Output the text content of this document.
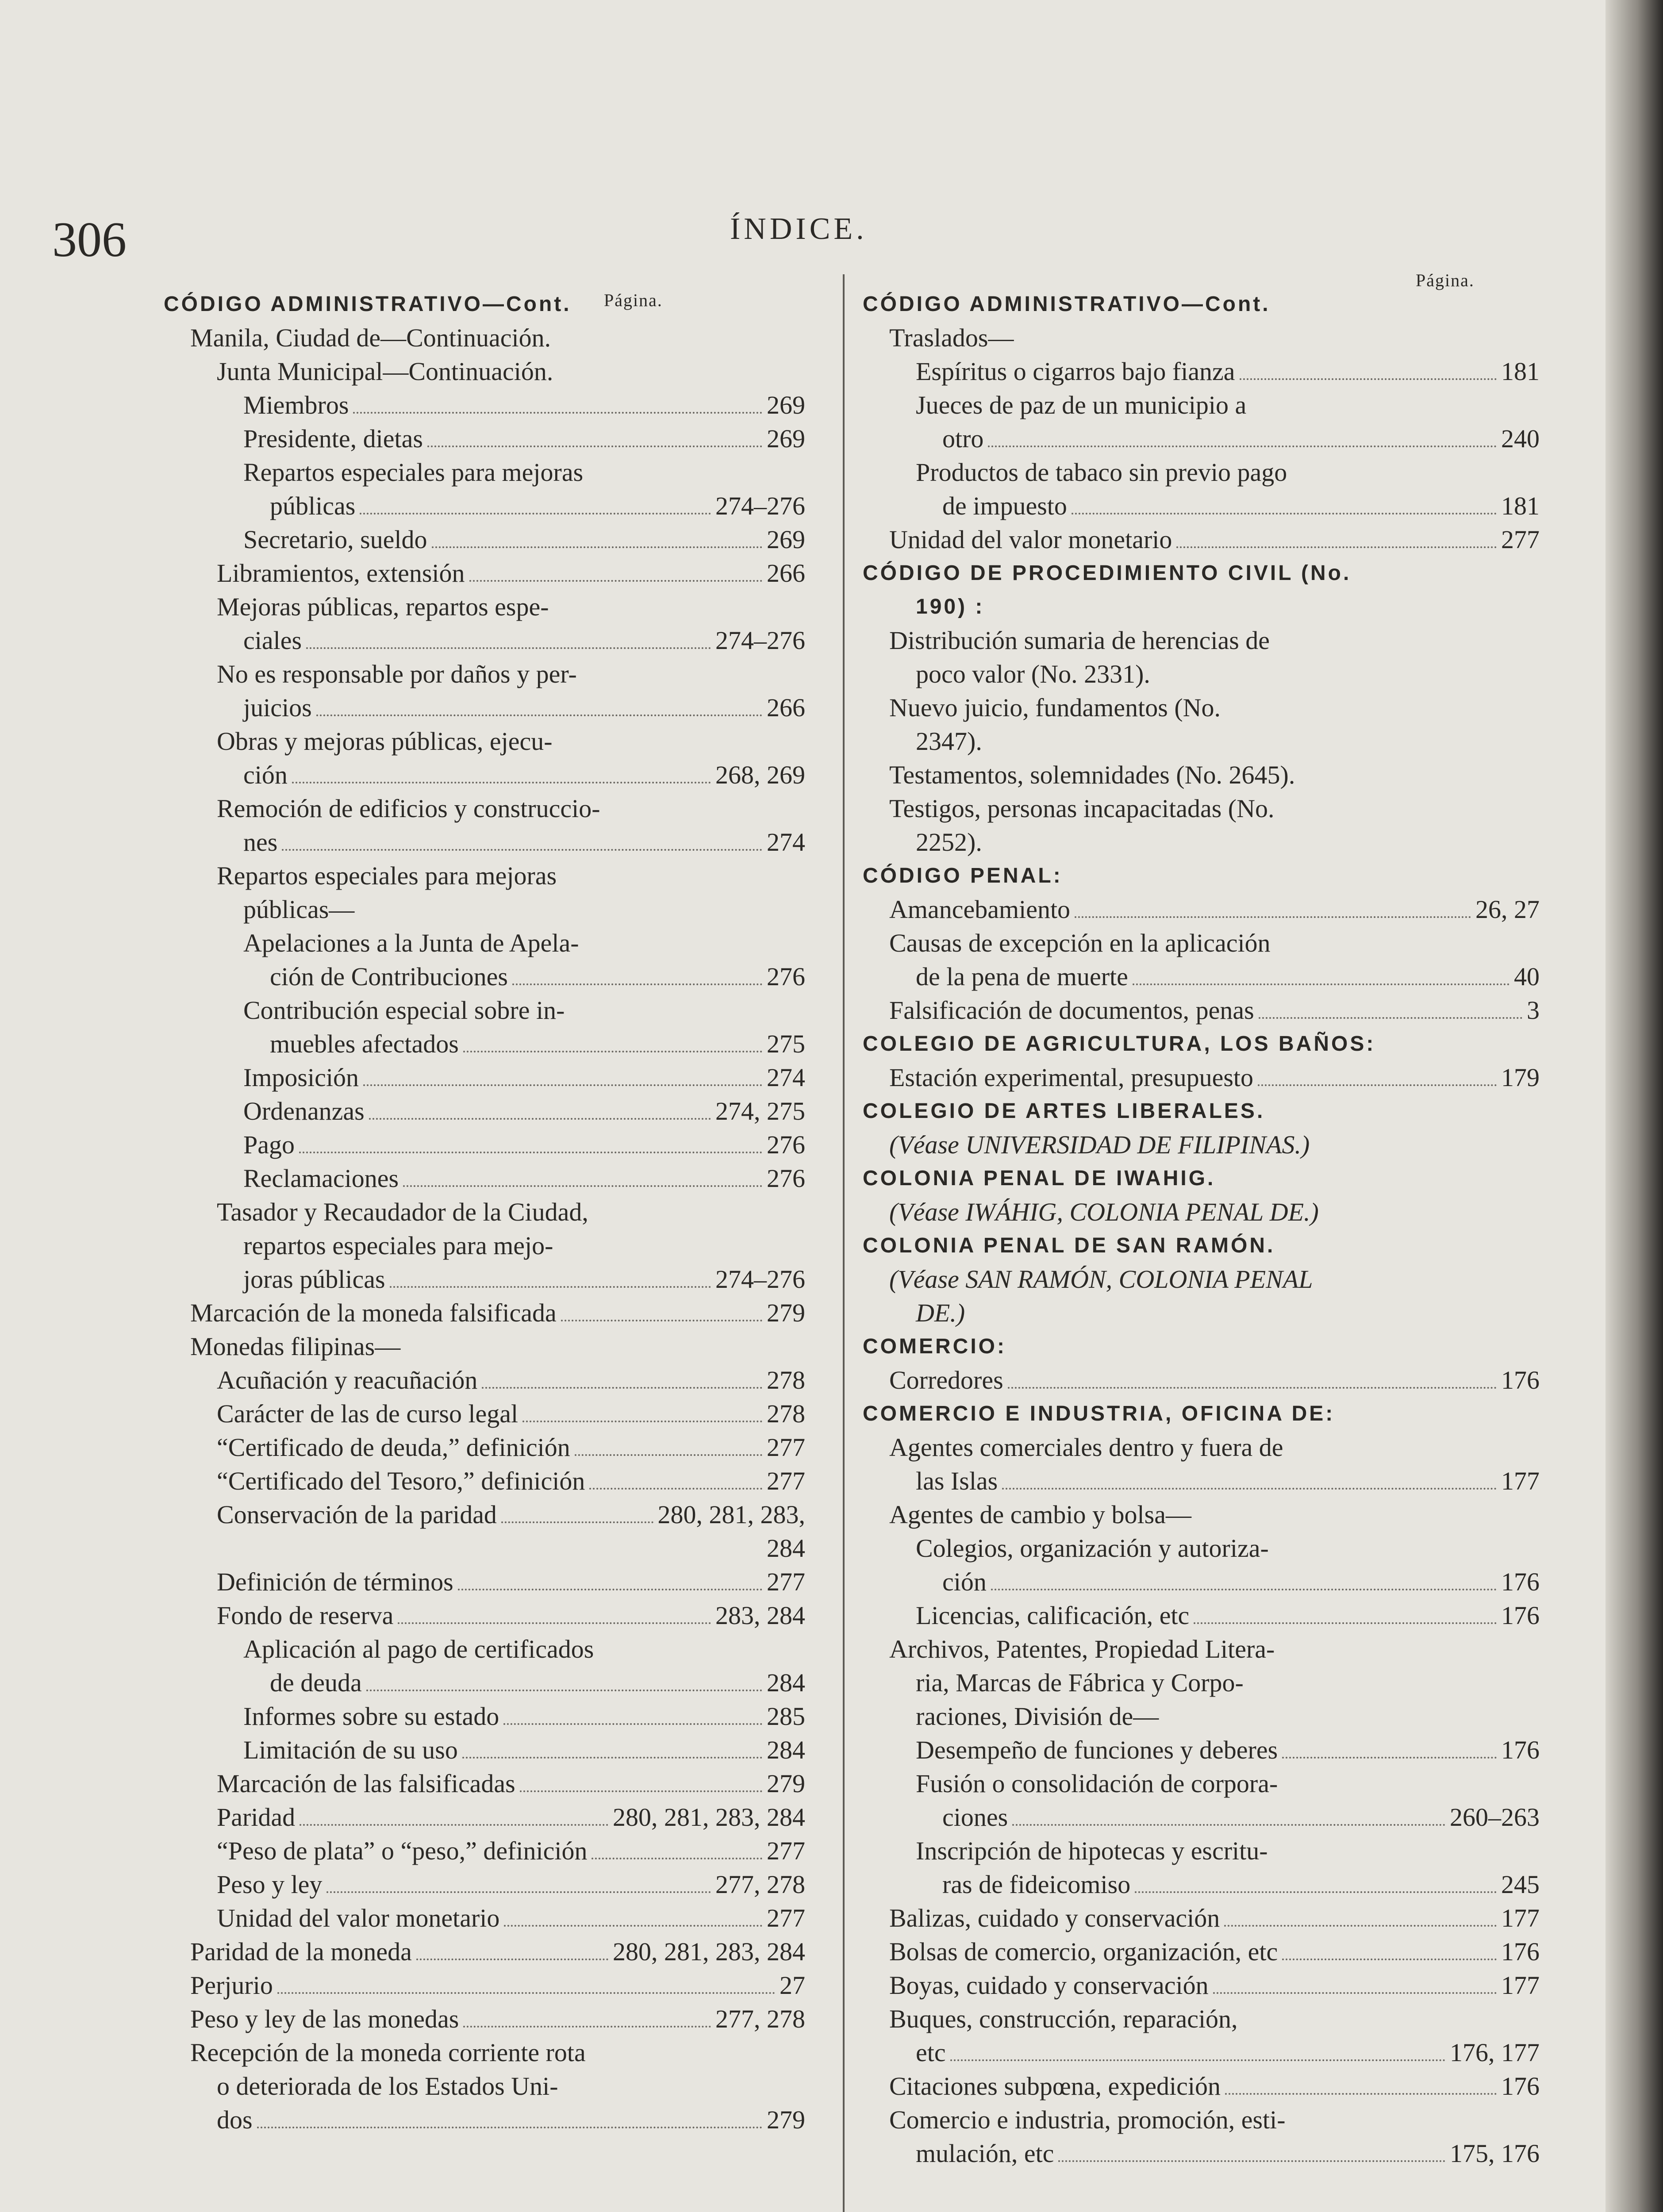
306	ÍNDICE.
Página.
Página.
CÓDIGO ADMINISTRATIVO—Cont.
Manila, Ciudad de—Continuación.
Junta Municipal—Continuación.
Miembros	269
Presidente, dietas	269
Repartos especiales para mejoras
públicas	274–276
Secretario, sueldo	269
Libramientos, extensión	266
Mejoras públicas, repartos espe-
ciales	274–276
No es responsable por daños y per-
juicios	266
Obras y mejoras públicas, ejecu-
ción	268, 269
Remoción de edificios y construccio-
nes	274
Repartos especiales para mejoras
públicas—
Apelaciones a la Junta de Apela-
ción de Contribuciones	276
Contribución especial sobre in-
muebles afectados	275
Imposición	274
Ordenanzas	274, 275
Pago	276
Reclamaciones	276
Tasador y Recaudador de la Ciudad,
repartos especiales para mejo-
joras públicas	274–276
Marcación de la moneda falsificada	279
Monedas filipinas—
Acuñación y reacuñación	278
Carácter de las de curso legal	278
“Certificado de deuda,” definición	277
“Certificado del Tesoro,” definición	277
Conservación de la paridad	280, 281, 283,
284
Definición de términos	277
Fondo de reserva	283, 284
Aplicación al pago de certificados
de deuda	284
Informes sobre su estado	285
Limitación de su uso	284
Marcación de las falsificadas	279
Paridad	280, 281, 283, 284
“Peso de plata” o “peso,” definición	277
Peso y ley	277, 278
Unidad del valor monetario	277
Paridad de la moneda	280, 281, 283, 284
Perjurio	27
Peso y ley de las monedas	277, 278
Recepción de la moneda corriente rota
o deteriorada de los Estados Uni-
dos	279
CÓDIGO ADMINISTRATIVO—Cont.
Traslados—
Espíritus o cigarros bajo fianza	181
Jueces de paz de un municipio a
otro	240
Productos de tabaco sin previo pago
de impuesto	181
Unidad del valor monetario	277
CÓDIGO DE PROCEDIMIENTO CIVIL (No.
190) :
Distribución sumaria de herencias de
poco valor (No. 2331).
Nuevo juicio, fundamentos (No.
2347).
Testamentos, solemnidades (No. 2645).
Testigos, personas incapacitadas (No.
2252).
CÓDIGO PENAL:
Amancebamiento	26, 27
Causas de excepción en la aplicación
de la pena de muerte	40
Falsificación de documentos, penas	3
COLEGIO DE AGRICULTURA, LOS BAÑOS:
Estación experimental, presupuesto	179
COLEGIO DE ARTES LIBERALES.
(Véase UNIVERSIDAD DE FILIPINAS.)
COLONIA PENAL DE IWAHIG.
(Véase IWÁHIG, COLONIA PENAL DE.)
COLONIA PENAL DE SAN RAMÓN.
(Véase SAN RAMÓN, COLONIA PENAL
DE.)
COMERCIO:
Corredores	176
COMERCIO E INDUSTRIA, OFICINA DE:
Agentes comerciales dentro y fuera de
las Islas	177
Agentes de cambio y bolsa—
Colegios, organización y autoriza-
ción	176
Licencias, calificación, etc	176
Archivos, Patentes, Propiedad Litera-
ria, Marcas de Fábrica y Corpo-
raciones, División de—
Desempeño de funciones y deberes	176
Fusión o consolidación de corpora-
ciones	260–263
Inscripción de hipotecas y escritu-
ras de fideicomiso	245
Balizas, cuidado y conservación	177
Bolsas de comercio, organización, etc	176
Boyas, cuidado y conservación	177
Buques, construcción, reparación,
etc	176, 177
Citaciones subpœna, expedición	176
Comercio e industria, promoción, esti-
mulación, etc	175, 176
